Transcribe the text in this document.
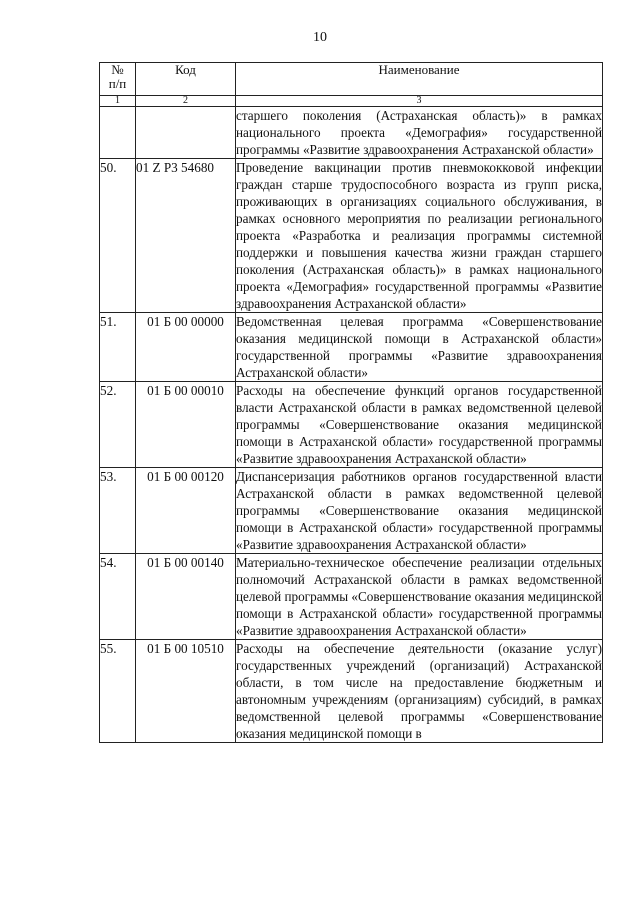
10
№
п/п	Код	Наименование
1	2	3
		старшего поколения (Астраханская область)» в рамках национального проекта «Демография» государственной программы «Развитие здравоохранения Астраханской области»
50.	01 Z P3 54680	Проведение вакцинации против пневмококковой инфекции граждан старше трудоспособного возраста из групп риска, проживающих в организациях социального обслуживания, в рамках основного мероприятия по реализации регионального проекта «Разработка и реализация программы системной поддержки и повышения качества жизни граждан старшего поколения (Астраханская область)» в рамках национального проекта «Демография» государственной программы «Развитие здравоохранения Астраханской области»
51.	01 Б 00 00000	Ведомственная целевая программа «Совершенствование оказания медицинской помощи в Астраханской области» государственной программы «Развитие здравоохранения Астраханской области»
52.	01 Б 00 00010	Расходы на обеспечение функций органов государственной власти Астраханской области в рамках ведомственной целевой программы «Совершенствование оказания медицинской помощи в Астраханской области» государственной программы «Развитие здравоохранения Астраханской области»
53.	01 Б 00 00120	Диспансеризация работников органов государственной власти Астраханской области в рамках ведомственной целевой программы «Совершенствование оказания медицинской помощи в Астраханской области» государственной программы «Развитие здравоохранения Астраханской области»
54.	01 Б 00 00140	Материально-техническое обеспечение реализации отдельных полномочий Астраханской области в рамках ведомственной целевой программы «Совершенствование оказания медицинской помощи в Астраханской области» государственной программы «Развитие здравоохранения Астраханской области»
55.	01 Б 00 10510	Расходы на обеспечение деятельности (оказание услуг) государственных учреждений (организаций) Астраханской области, в том числе на предоставление бюджетным и автономным учреждениям (организациям) субсидий, в рамках ведомственной целевой программы «Совершенствование оказания медицинской помощи в
